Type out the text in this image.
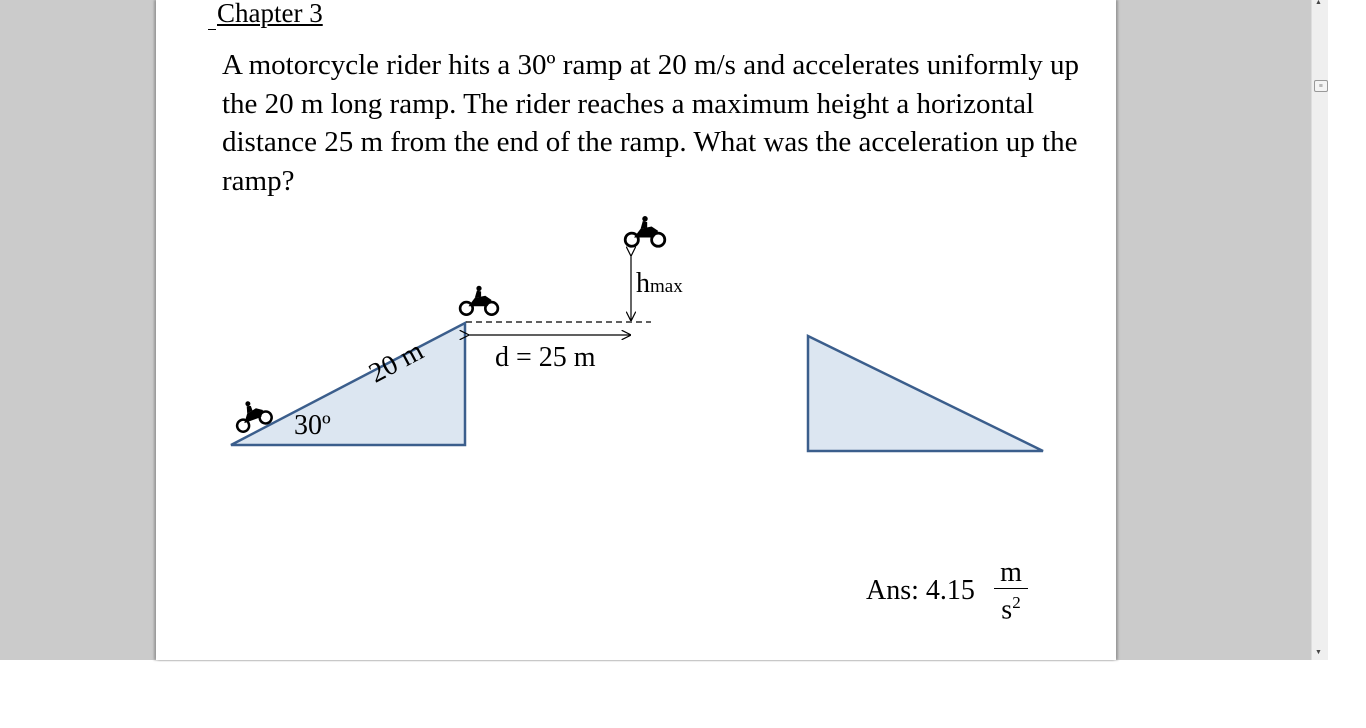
Chapter 3
A motorcycle rider hits a 30º ramp at 20 m/s and accelerates uniformly up the 20 m long ramp. The rider reaches a maximum height a horizontal distance 25 m from the end of the ramp. What was the acceleration up the ramp?
30º
20 m d = 25 m
hmax
Ans: 4.15
m
$s^2$
▲
≡
▼
